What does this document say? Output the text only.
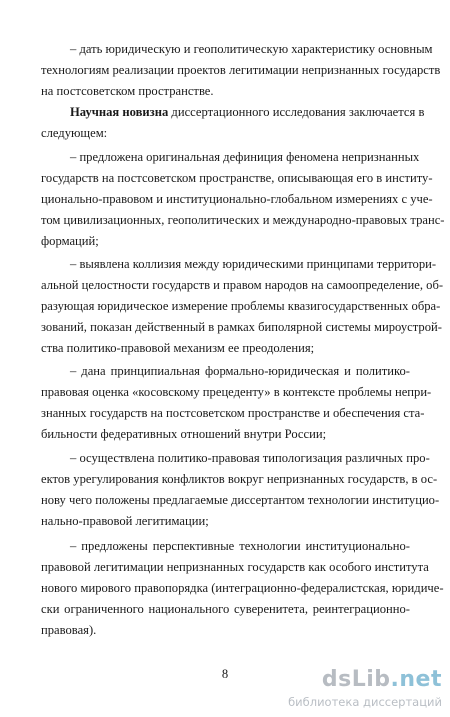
– дать юридическую и геополитическую характеристику основным
технологиям реализации проектов легитимации непризнанных государств
на постсоветском пространстве.
Научная новизна диссертационного исследования заключается в
следующем:
– предложена оригинальная дефиниция феномена непризнанных
государств на постсоветском пространстве, описывающая его в институ-
ционально-правовом и институционально-глобальном измерениях с уче-
том цивилизационных, геополитических и международно-правовых транс-
формаций;
– выявлена коллизия между юридическими принципами территори-
альной целостности государств и правом народов на самоопределение, об-
разующая юридическое измерение проблемы квазигосударственных обра-
зований, показан действенный в рамках биполярной системы мироустрой-
ства политико-правовой механизм ее преодоления;
– дана принципиальная формально-юридическая и политико-
правовая оценка «косовскому прецеденту» в контексте проблемы непри-
знанных государств на постсоветском пространстве и обеспечения ста-
бильности федеративных отношений внутри России;
– осуществлена политико-правовая типологизация различных про-
ектов урегулирования конфликтов вокруг непризнанных государств, в ос-
нову чего положены предлагаемые диссертантом технологии институцио-
нально-правовой легитимации;
– предложены перспективные технологии институционально-
правовой легитимации непризнанных государств как особого института
нового мирового правопорядка (интеграционно-федералистская, юридиче-
ски ограниченного национального суверенитета, реинтеграционно-
правовая).
8	dsLib.net
библиотека диссертаций
